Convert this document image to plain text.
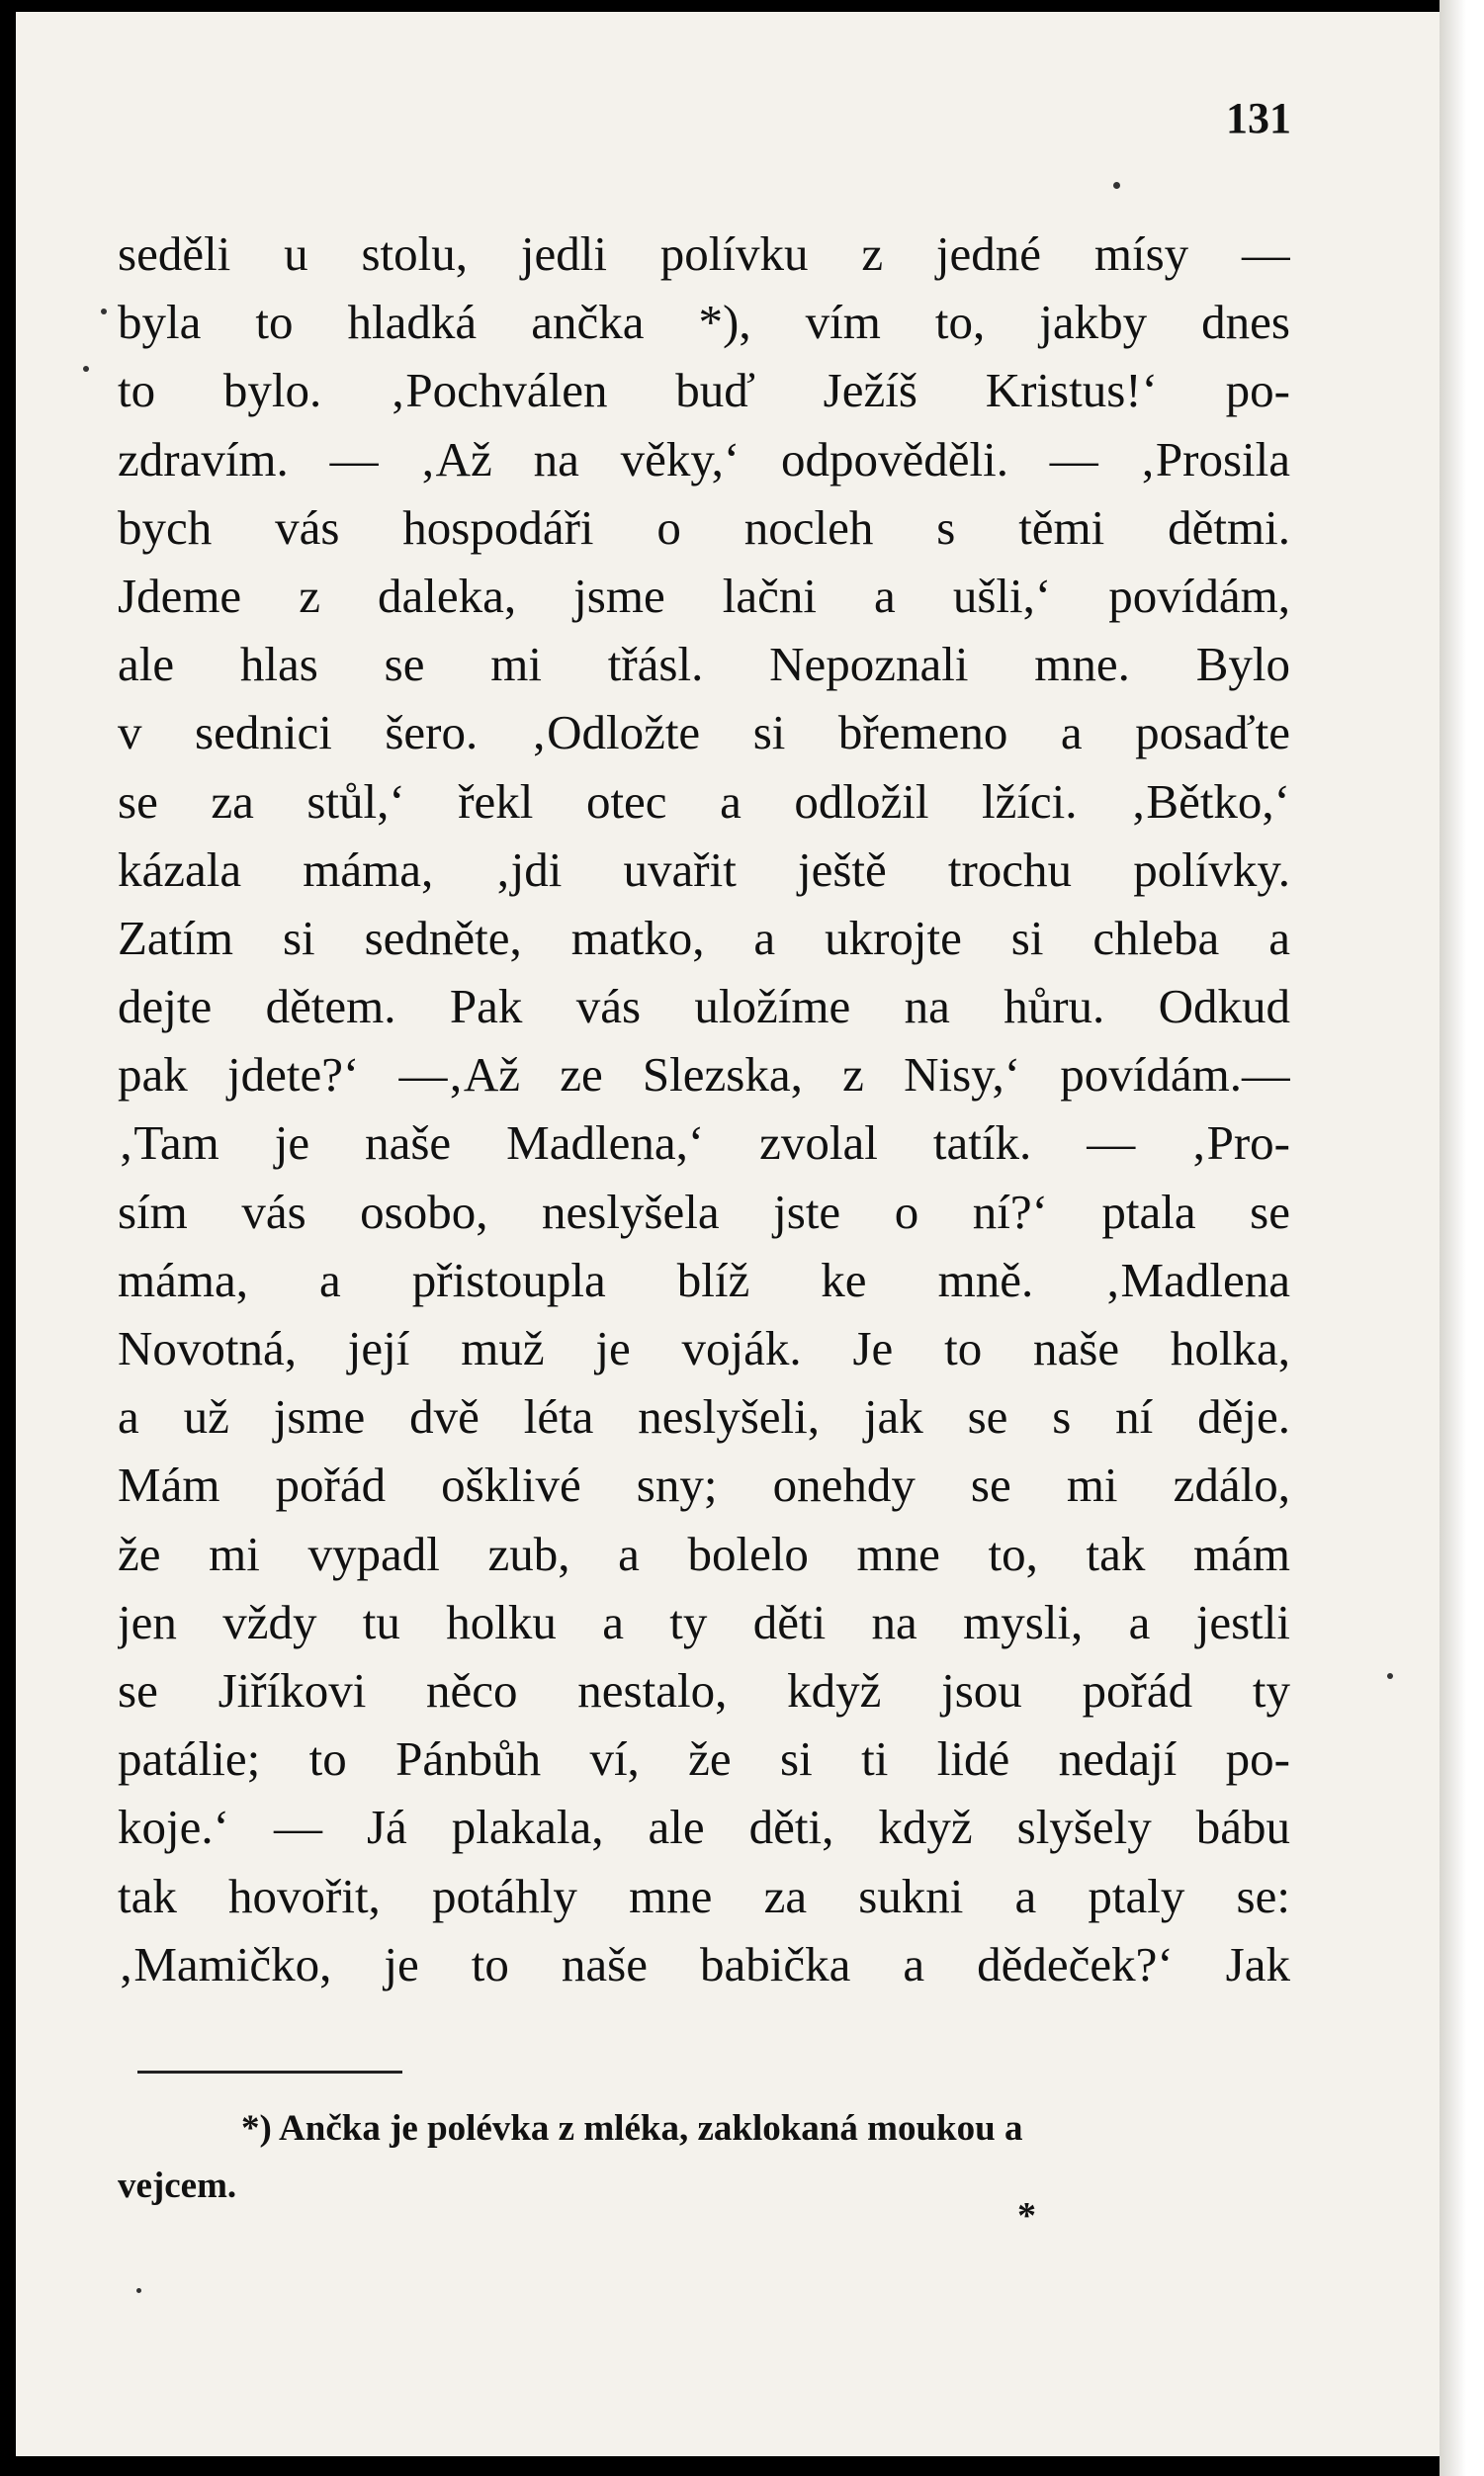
131
seděli u stolu, jedli polívku z jedné mísy —
byla to hladká ančka *), vím to, jakby dnes
to bylo. ‚Pochválen buď Ježíš Kristus!‘ po-
zdravím. — ‚Až na věky,‘ odpověděli. — ‚Prosila
bych vás hospodáři o nocleh s těmi dětmi.
Jdeme z daleka, jsme lačni a ušli,‘ povídám,
ale hlas se mi třásl. Nepoznali mne. Bylo
v sednici šero. ‚Odložte si břemeno a posaďte
se za stůl,‘ řekl otec a odložil lžíci. ‚Bětko,‘
kázala máma, ‚jdi uvařit ještě trochu polívky.
Zatím si sedněte, matko, a ukrojte si chleba a
dejte dětem. Pak vás uložíme na hůru. Odkud
pak jdete?‘ —‚Až ze Slezska, z Nisy,‘ povídám.—
‚Tam je naše Madlena,‘ zvolal tatík. — ‚Pro-
sím vás osobo, neslyšela jste o ní?‘ ptala se
máma, a přistoupla blíž ke mně. ‚Madlena
Novotná, její muž je voják. Je to naše holka,
a už jsme dvě léta neslyšeli, jak se s ní děje.
Mám pořád ošklivé sny; onehdy se mi zdálo,
že mi vypadl zub, a bolelo mne to, tak mám
jen vždy tu holku a ty děti na mysli, a jestli
se Jiříkovi něco nestalo, když jsou pořád ty
patálie; to Pánbůh ví, že si ti lidé nedají po-
koje.‘ — Já plakala, ale děti, když slyšely bábu
tak hovořit, potáhly mne za sukni a ptaly se:
‚Mamičko, je to naše babička a dědeček?‘ Jak
*) Ančka je polévka z mléka, zaklokaná moukou a
vejcem.
*
